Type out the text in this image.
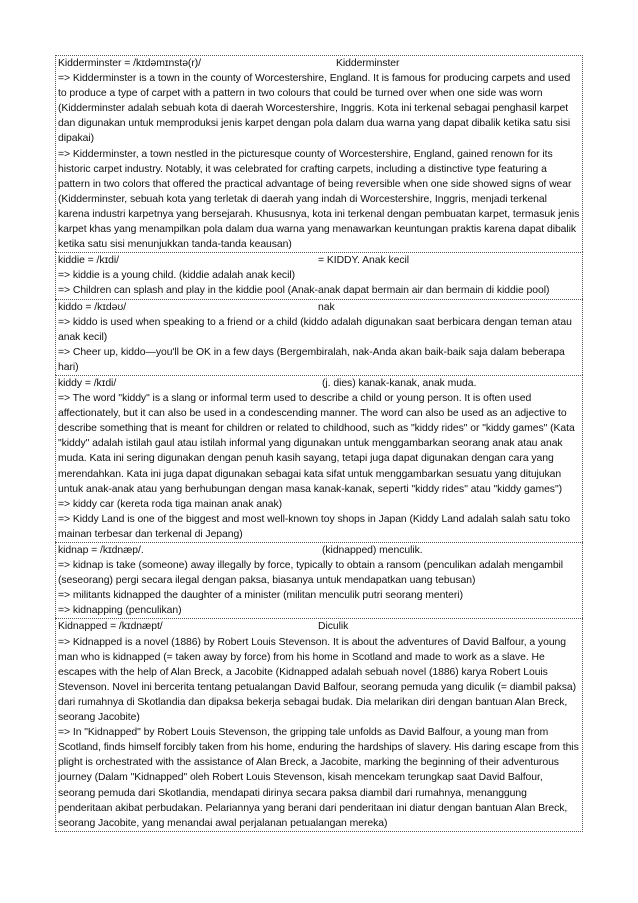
Kidderminster = /kɪdəmɪnstə(r)/	Kidderminster

=> Kidderminster is a town in the county of Worcestershire, England. It is famous for producing carpets and used to produce a type of carpet with a pattern in two colours that could be turned over when one side was worn (Kidderminster adalah sebuah kota di daerah Worcestershire, Inggris. Kota ini terkenal sebagai penghasil karpet dan digunakan untuk memproduksi jenis karpet dengan pola dalam dua warna yang dapat dibalik ketika satu sisi dipakai)

=> Kidderminster, a town nestled in the picturesque county of Worcestershire, England, gained renown for its historic carpet industry. Notably, it was celebrated for crafting carpets, including a distinctive type featuring a pattern in two colors that offered the practical advantage of being reversible when one side showed signs of wear (Kidderminster, sebuah kota yang terletak di daerah yang indah di Worcestershire, Inggris, menjadi terkenal karena industri karpetnya yang bersejarah. Khususnya, kota ini terkenal dengan pembuatan karpet, termasuk jenis karpet khas yang menampilkan pola dalam dua warna yang menawarkan keuntungan praktis karena dapat dibalik ketika satu sisi menunjukkan tanda-tanda keausan)

kiddie = /kɪdi/	= KIDDY. Anak kecil

=> kiddie is a young child. (kiddie adalah anak kecil)

=> Children can splash and play in the kiddie pool (Anak-anak dapat bermain air dan bermain di kiddie pool)

kiddo = /kɪdəʊ/	nak

=> kiddo is used when speaking to a friend or a child (kiddo adalah digunakan saat berbicara dengan teman atau anak kecil)

=> Cheer up, kiddo—you'll be OK in a few days (Bergembiralah, nak-Anda akan baik-baik saja dalam beberapa hari)

kiddy = /kɪdi/	(j. dies) kanak-kanak, anak muda.

=> The word "kiddy" is a slang or informal term used to describe a child or young person. It is often used affectionately, but it can also be used in a condescending manner. The word can also be used as an adjective to describe something that is meant for children or related to childhood, such as "kiddy rides" or "kiddy games" (Kata "kiddy" adalah istilah gaul atau istilah informal yang digunakan untuk menggambarkan seorang anak atau anak muda. Kata ini sering digunakan dengan penuh kasih sayang, tetapi juga dapat digunakan dengan cara yang merendahkan. Kata ini juga dapat digunakan sebagai kata sifat untuk menggambarkan sesuatu yang ditujukan untuk anak-anak atau yang berhubungan dengan masa kanak-kanak, seperti "kiddy rides" atau "kiddy games")

=> kiddy car (kereta roda tiga mainan anak anak)

=> Kiddy Land is one of the biggest and most well-known toy shops in Japan (Kiddy Land adalah salah satu toko mainan terbesar dan terkenal di Jepang)

kidnap = /kɪdnæp/.	(kidnapped) menculik.

=> kidnap is take (someone) away illegally by force, typically to obtain a ransom (penculikan adalah mengambil (seseorang) pergi secara ilegal dengan paksa, biasanya untuk mendapatkan uang tebusan)

=> militants kidnapped the daughter of a minister (militan menculik putri seorang menteri)

=> kidnapping (penculikan)

Kidnapped = /kɪdnæpt/	Diculik

=> Kidnapped is a novel (1886) by Robert Louis Stevenson. It is about the adventures of David Balfour, a young man who is kidnapped (= taken away by force) from his home in Scotland and made to work as a slave. He escapes with the help of Alan Breck, a Jacobite (Kidnapped adalah sebuah novel (1886) karya Robert Louis Stevenson. Novel ini bercerita tentang petualangan David Balfour, seorang pemuda yang diculik (= diambil paksa) dari rumahnya di Skotlandia dan dipaksa bekerja sebagai budak. Dia melarikan diri dengan bantuan Alan Breck, seorang Jacobite)

=> In "Kidnapped" by Robert Louis Stevenson, the gripping tale unfolds as David Balfour, a young man from Scotland, finds himself forcibly taken from his home, enduring the hardships of slavery. His daring escape from this plight is orchestrated with the assistance of Alan Breck, a Jacobite, marking the beginning of their adventurous journey (Dalam "Kidnapped" oleh Robert Louis Stevenson, kisah mencekam terungkap saat David Balfour, seorang pemuda dari Skotlandia, mendapati dirinya secara paksa diambil dari rumahnya, menanggung penderitaan akibat perbudakan. Pelariannya yang berani dari penderitaan ini diatur dengan bantuan Alan Breck, seorang Jacobite, yang menandai awal perjalanan petualangan mereka)
